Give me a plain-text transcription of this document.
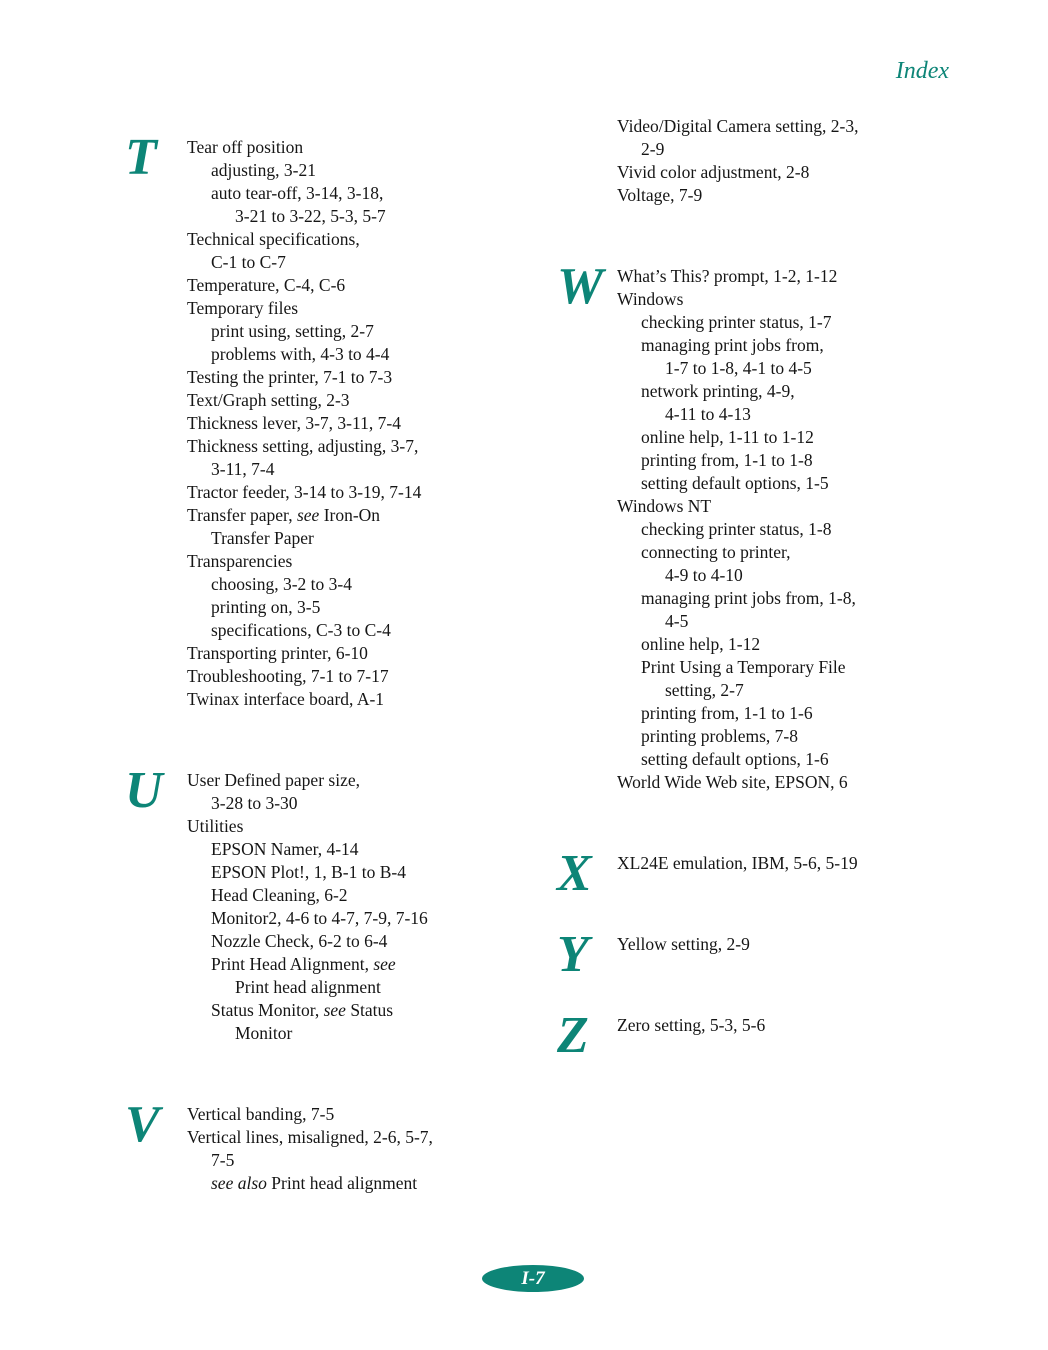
Index
T Tear off position
adjusting, 3-21
auto tear-off, 3-14, 3-18,
3-21 to 3-22, 5-3, 5-7
Technical specifications,
C-1 to C-7
Temperature, C-4, C-6
Temporary files
print using, setting, 2-7
problems with, 4-3 to 4-4
Testing the printer, 7-1 to 7-3
Text/Graph setting, 2-3
Thickness lever, 3-7, 3-11, 7-4
Thickness setting, adjusting, 3-7,
3-11, 7-4
Tractor feeder, 3-14 to 3-19, 7-14
Transfer paper, see Iron-On
Transfer Paper
Transparencies
choosing, 3-2 to 3-4
printing on, 3-5
specifications, C-3 to C-4
Transporting printer, 6-10
Troubleshooting, 7-1 to 7-17
Twinax interface board, A-1
U User Defined paper size,
3-28 to 3-30
Utilities
EPSON Namer, 4-14
EPSON Plot!, 1, B-1 to B-4
Head Cleaning, 6-2
Monitor2, 4-6 to 4-7, 7-9, 7-16
Nozzle Check, 6-2 to 6-4
Print Head Alignment, see
Print head alignment
Status Monitor, see Status
Monitor
V Vertical banding, 7-5
Vertical lines, misaligned, 2-6, 5-7,
7-5
see also Print head alignment
Video/Digital Camera setting, 2-3,
2-9
Vivid color adjustment, 2-8
Voltage, 7-9
W What’s This? prompt, 1-2, 1-12
Windows
checking printer status, 1-7
managing print jobs from,
1-7 to 1-8, 4-1 to 4-5
network printing, 4-9,
4-11 to 4-13
online help, 1-11 to 1-12
printing from, 1-1 to 1-8
setting default options, 1-5
Windows NT
checking printer status, 1-8
connecting to printer,
4-9 to 4-10
managing print jobs from, 1-8,
4-5
online help, 1-12
Print Using a Temporary File
setting, 2-7
printing from, 1-1 to 1-6
printing problems, 7-8
setting default options, 1-6
World Wide Web site, EPSON, 6
X XL24E emulation, IBM, 5-6, 5-19
Y Yellow setting, 2-9
Z Zero setting, 5-3, 5-6
I-7
